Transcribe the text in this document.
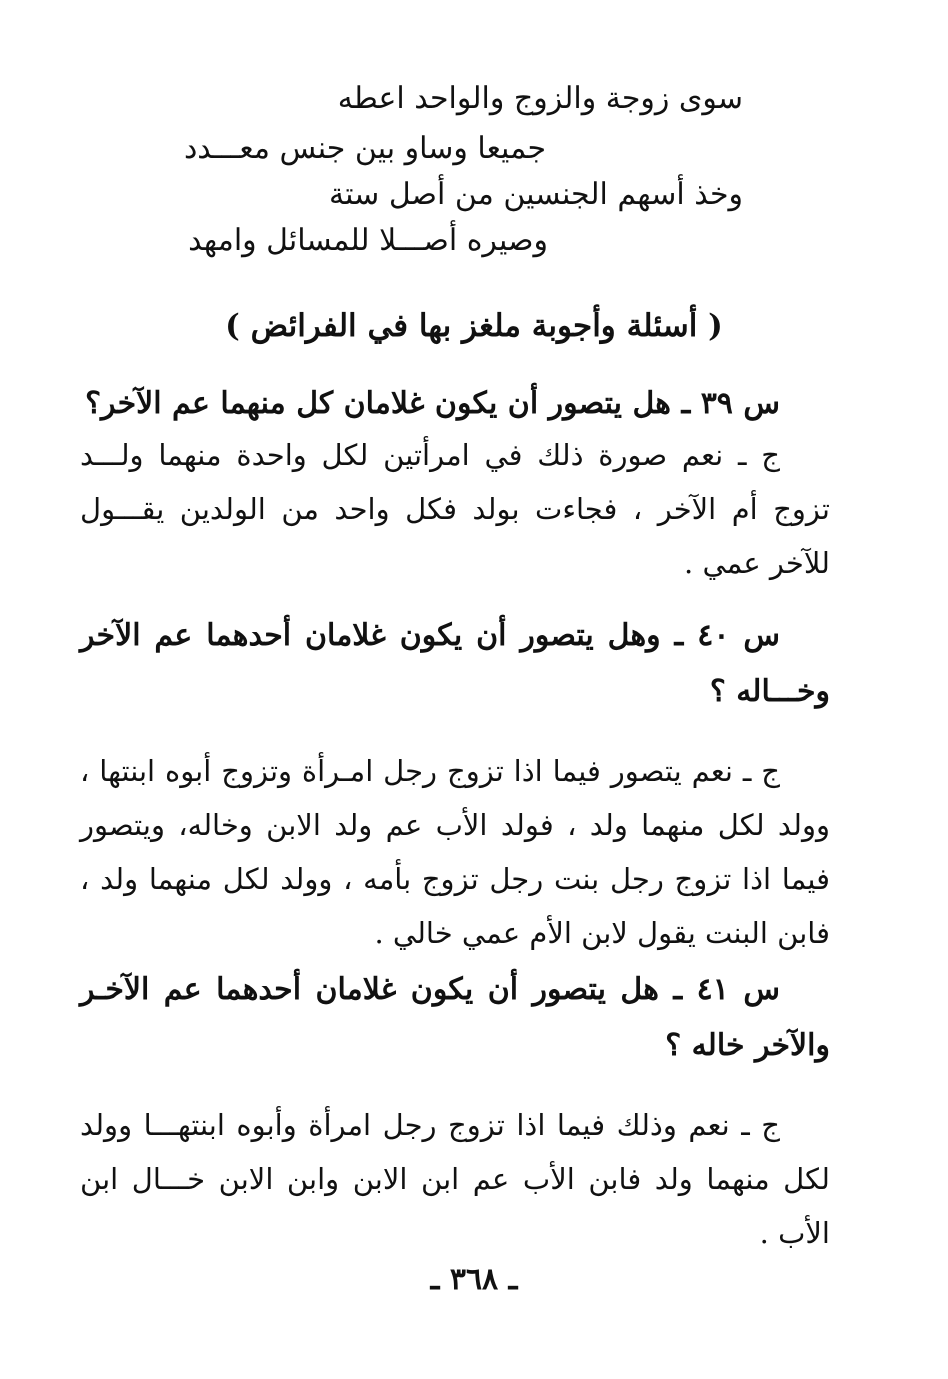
سوى زوجة والزوج والواحد اعطه
جميعا وساو بين جنس معـــدد
وخذ أسهم الجنسين من أصل ستة
وصيره أصـــلا للمسائل وامهد
( أسئلة وأجوبة ملغز بها في الفرائض )

س ٣٩ ـ هل يتصور أن يكون غلامان كل منهما عم الآخر؟

ج ـ نعم صورة ذلك في امرأتين لكل واحدة منهما ولـــد تزوج أم الآخر ، فجاءت بولد فكل واحد من الولدين يقـــول للآخر عمي .

س ٤٠ ـ وهل يتصور أن يكون غلامان أحدهما عم الآخر وخـــاله ؟

ج ـ نعم يتصور فيما اذا تزوج رجل امـرأة وتزوج أبوه ابنتها ، وولد لكل منهما ولد ، فولد الأب عم ولد الابن وخاله، ويتصور فيما اذا تزوج رجل بنت رجل تزوج بأمه ، وولد لكل منهما ولد ، فابن البنت يقول لابن الأم عمي خالي .

س ٤١ ـ هل يتصور أن يكون غلامان أحدهما عم الآخـر والآخر خاله ؟

ج ـ نعم وذلك فيما اذا تزوج رجل امرأة وأبوه ابنتهـــا وولد لكل منهما ولد فابن الأب عم ابن الابن وابن الابن خـــال ابن الأب .

ـ ٣٦٨ ـ
